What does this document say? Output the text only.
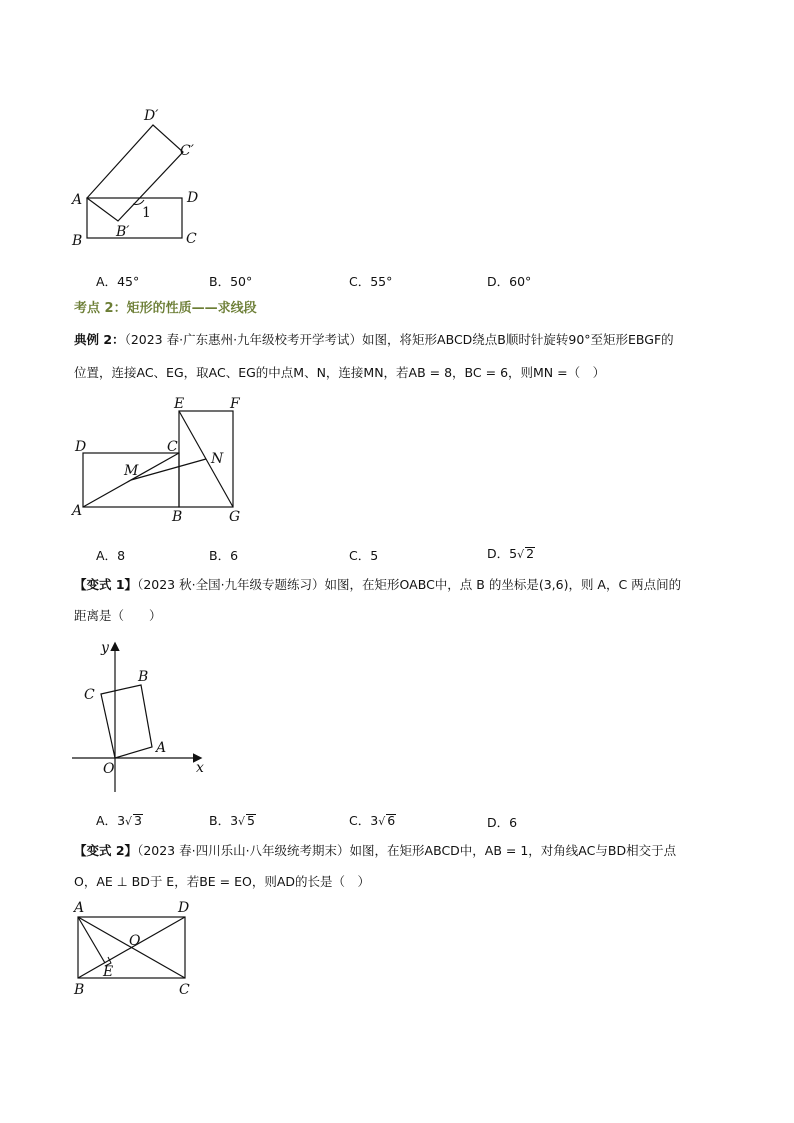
D′
C′
A	D
1
B
B′	C
A．45°	B．50°	C．55°	D．60°
考点 2：矩形的性质——求线段
典例 2：（2023 春·广东惠州·九年级校考开学考试）如图，将矩形ABCD绕点B顺时针旋转90°至矩形EBGF的
位置，连接AC、EG，取AC、EG的中点M、N，连接MN，若AB = 8，BC = 6，则MN =（　）
E	F
D	C
M
N
A	B	G
A．8	B．6	C．5	D．5√ 2
【变式 1】（2023 秋·全国·九年级专题练习）如图，在矩形OABC中，点 B 的坐标是(3,6)，则 A，C 两点间的
距离是（　　）
y
x
O
A
B
C
A．3√ 3	B．3√ 5	C．3√ 6	D．6
【变式 2】（2023 春·四川乐山·八年级统考期末）如图，在矩形ABCD中，AB = 1，对角线AC与BD相交于点
O，AE ⊥ BD于 E，若BE = EO，则AD的长是（　）
A	D
O
E
B	C
